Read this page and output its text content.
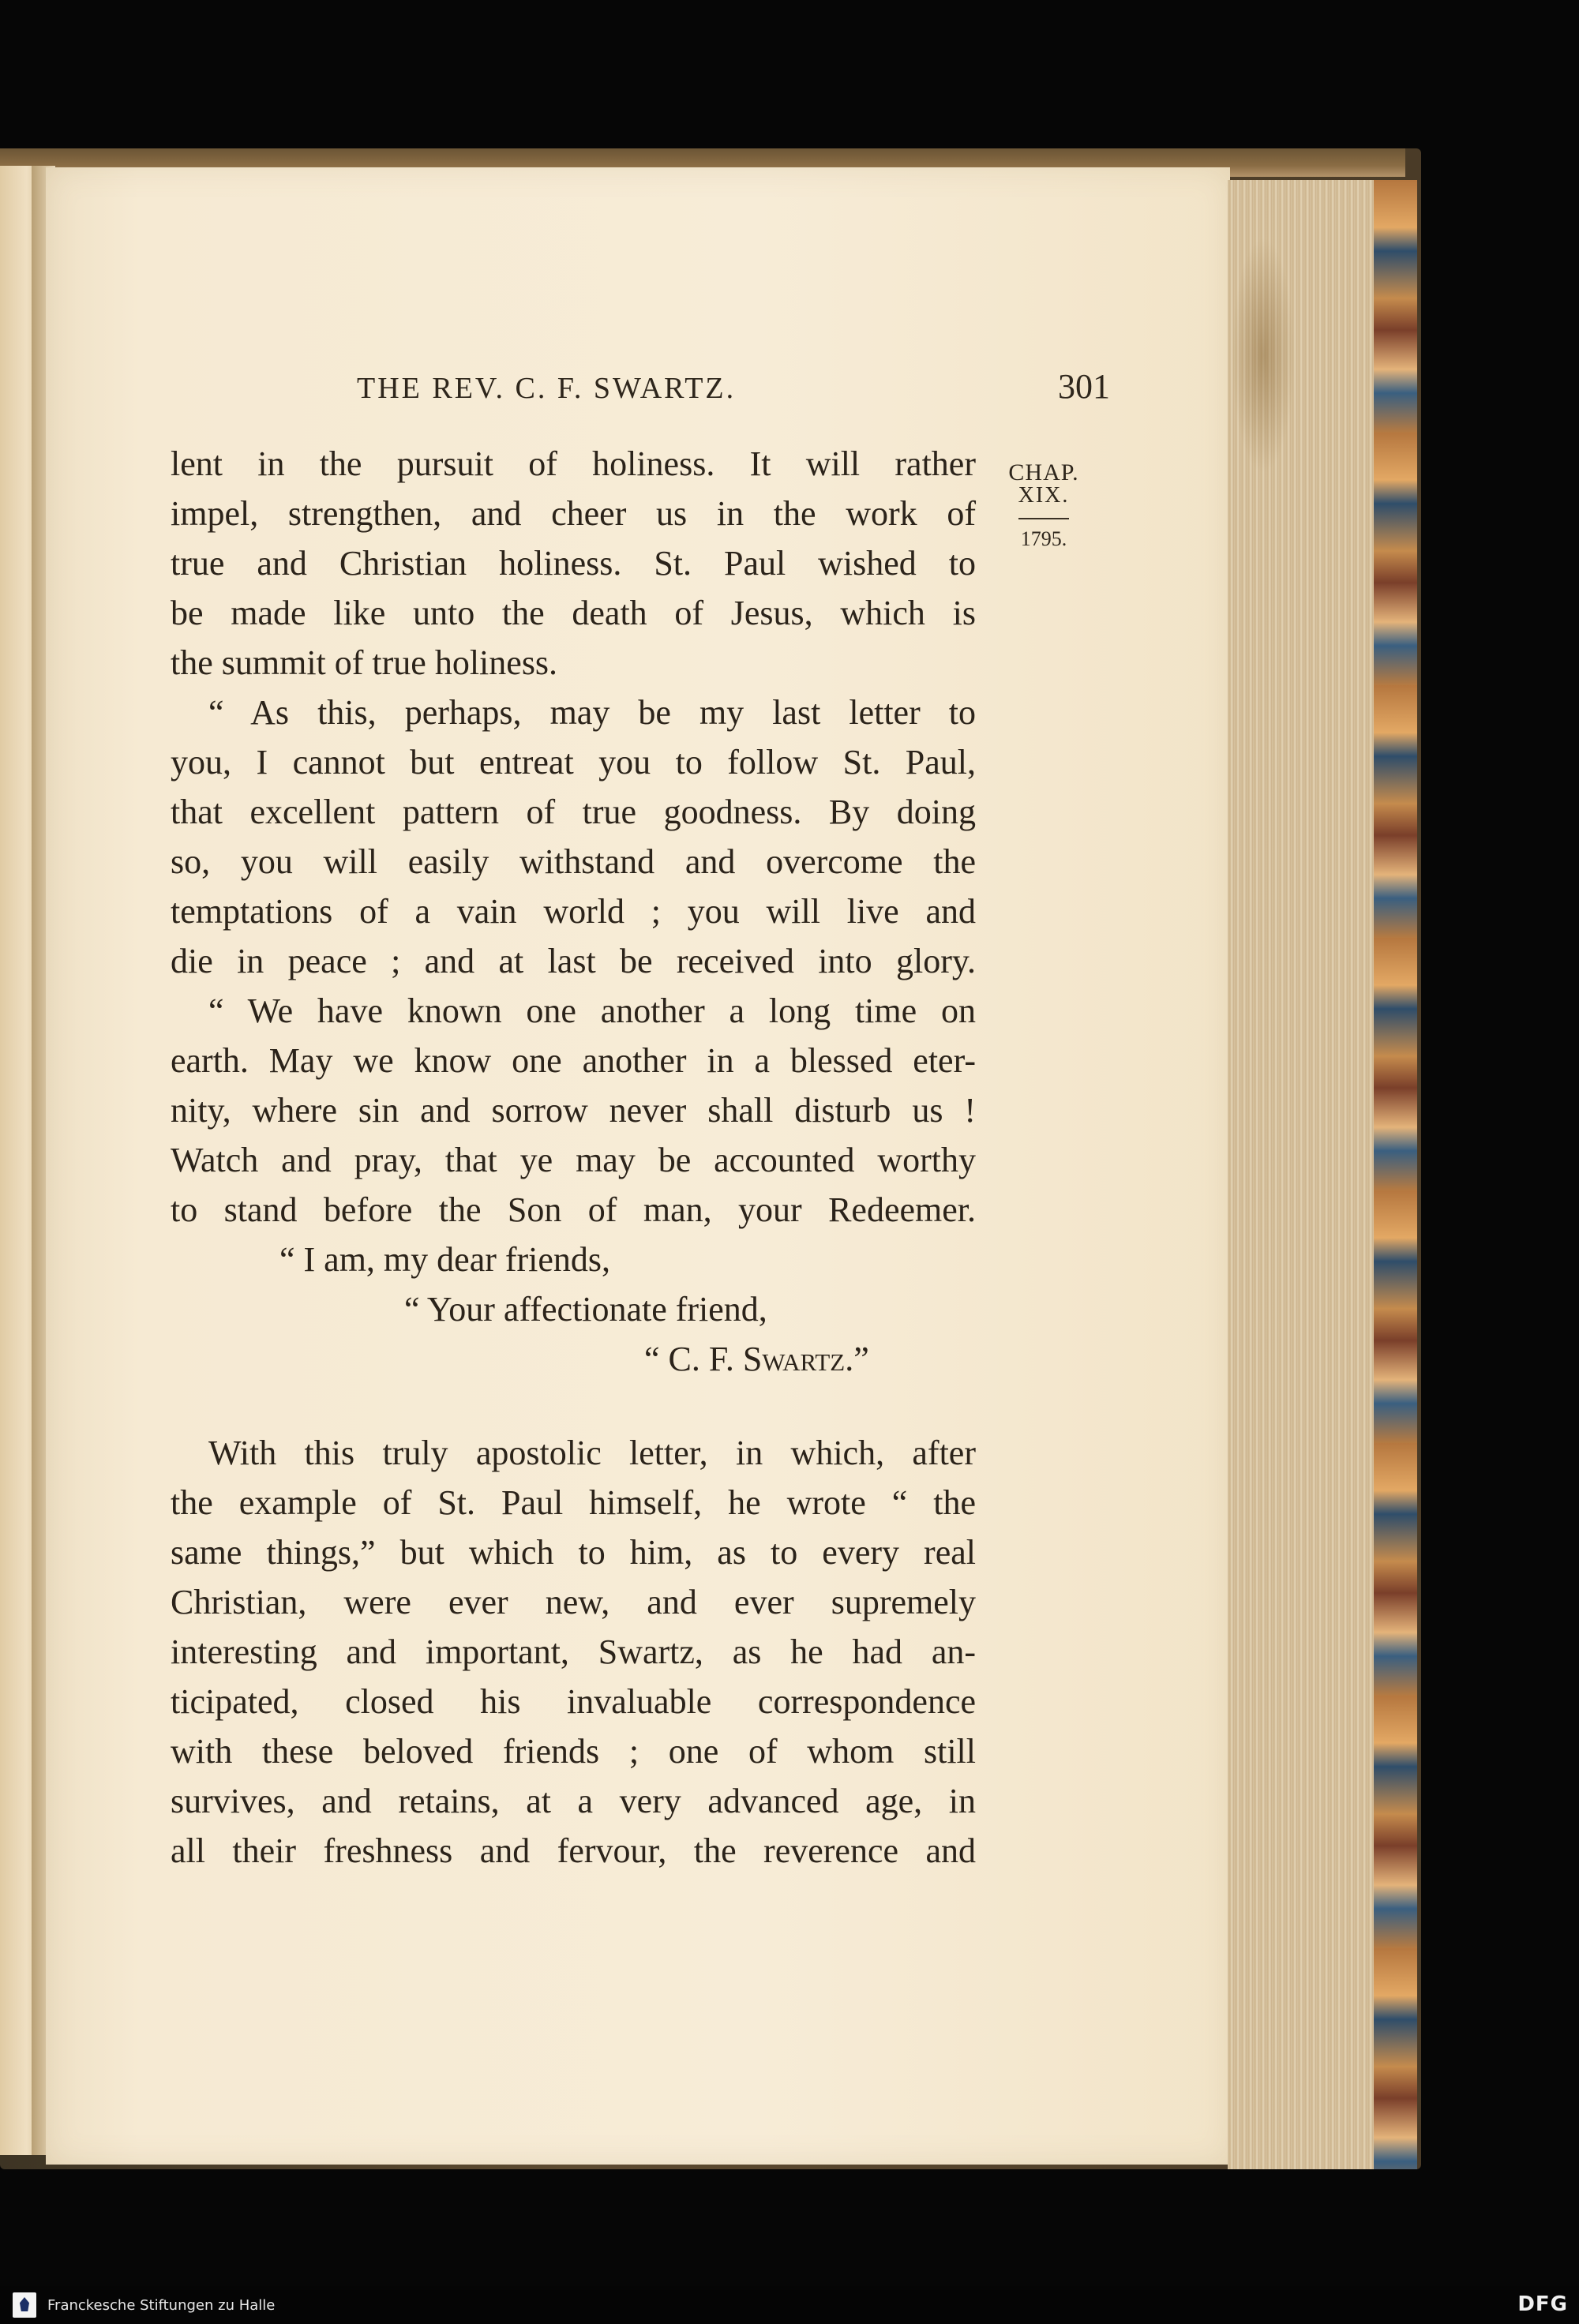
THE REV. C. F. SWARTZ.	301
CHAP.
XIX.
1795.
lent in the pursuit of holiness. It will rather
impel, strengthen, and cheer us in the work of
true and Christian holiness. St. Paul wished to
be made like unto the death of Jesus, which is
the summit of true holiness.
“ As this, perhaps, may be my last letter to
you, I cannot but entreat you to follow St. Paul,
that excellent pattern of true goodness. By doing
so, you will easily withstand and overcome the
temptations of a vain world ; you will live and
die in peace ; and at last be received into glory.
“ We have known one another a long time on
earth. May we know one another in a blessed eter-
nity, where sin and sorrow never shall disturb us !
Watch and pray, that ye may be accounted worthy
to stand before the Son of man, your Redeemer.
“ I am, my dear friends,
“ Your affectionate friend,
“ C. F. Swartz.”
With this truly apostolic letter, in which, after
the example of St. Paul himself, he wrote “ the
same things,” but which to him, as to every real
Christian, were ever new, and ever supremely
interesting and important, Swartz, as he had an-
ticipated, closed his invaluable correspondence
with these beloved friends ; one of whom still
survives, and retains, at a very advanced age, in
all their freshness and fervour, the reverence and
Franckesche Stiftungen zu Halle	DFG
